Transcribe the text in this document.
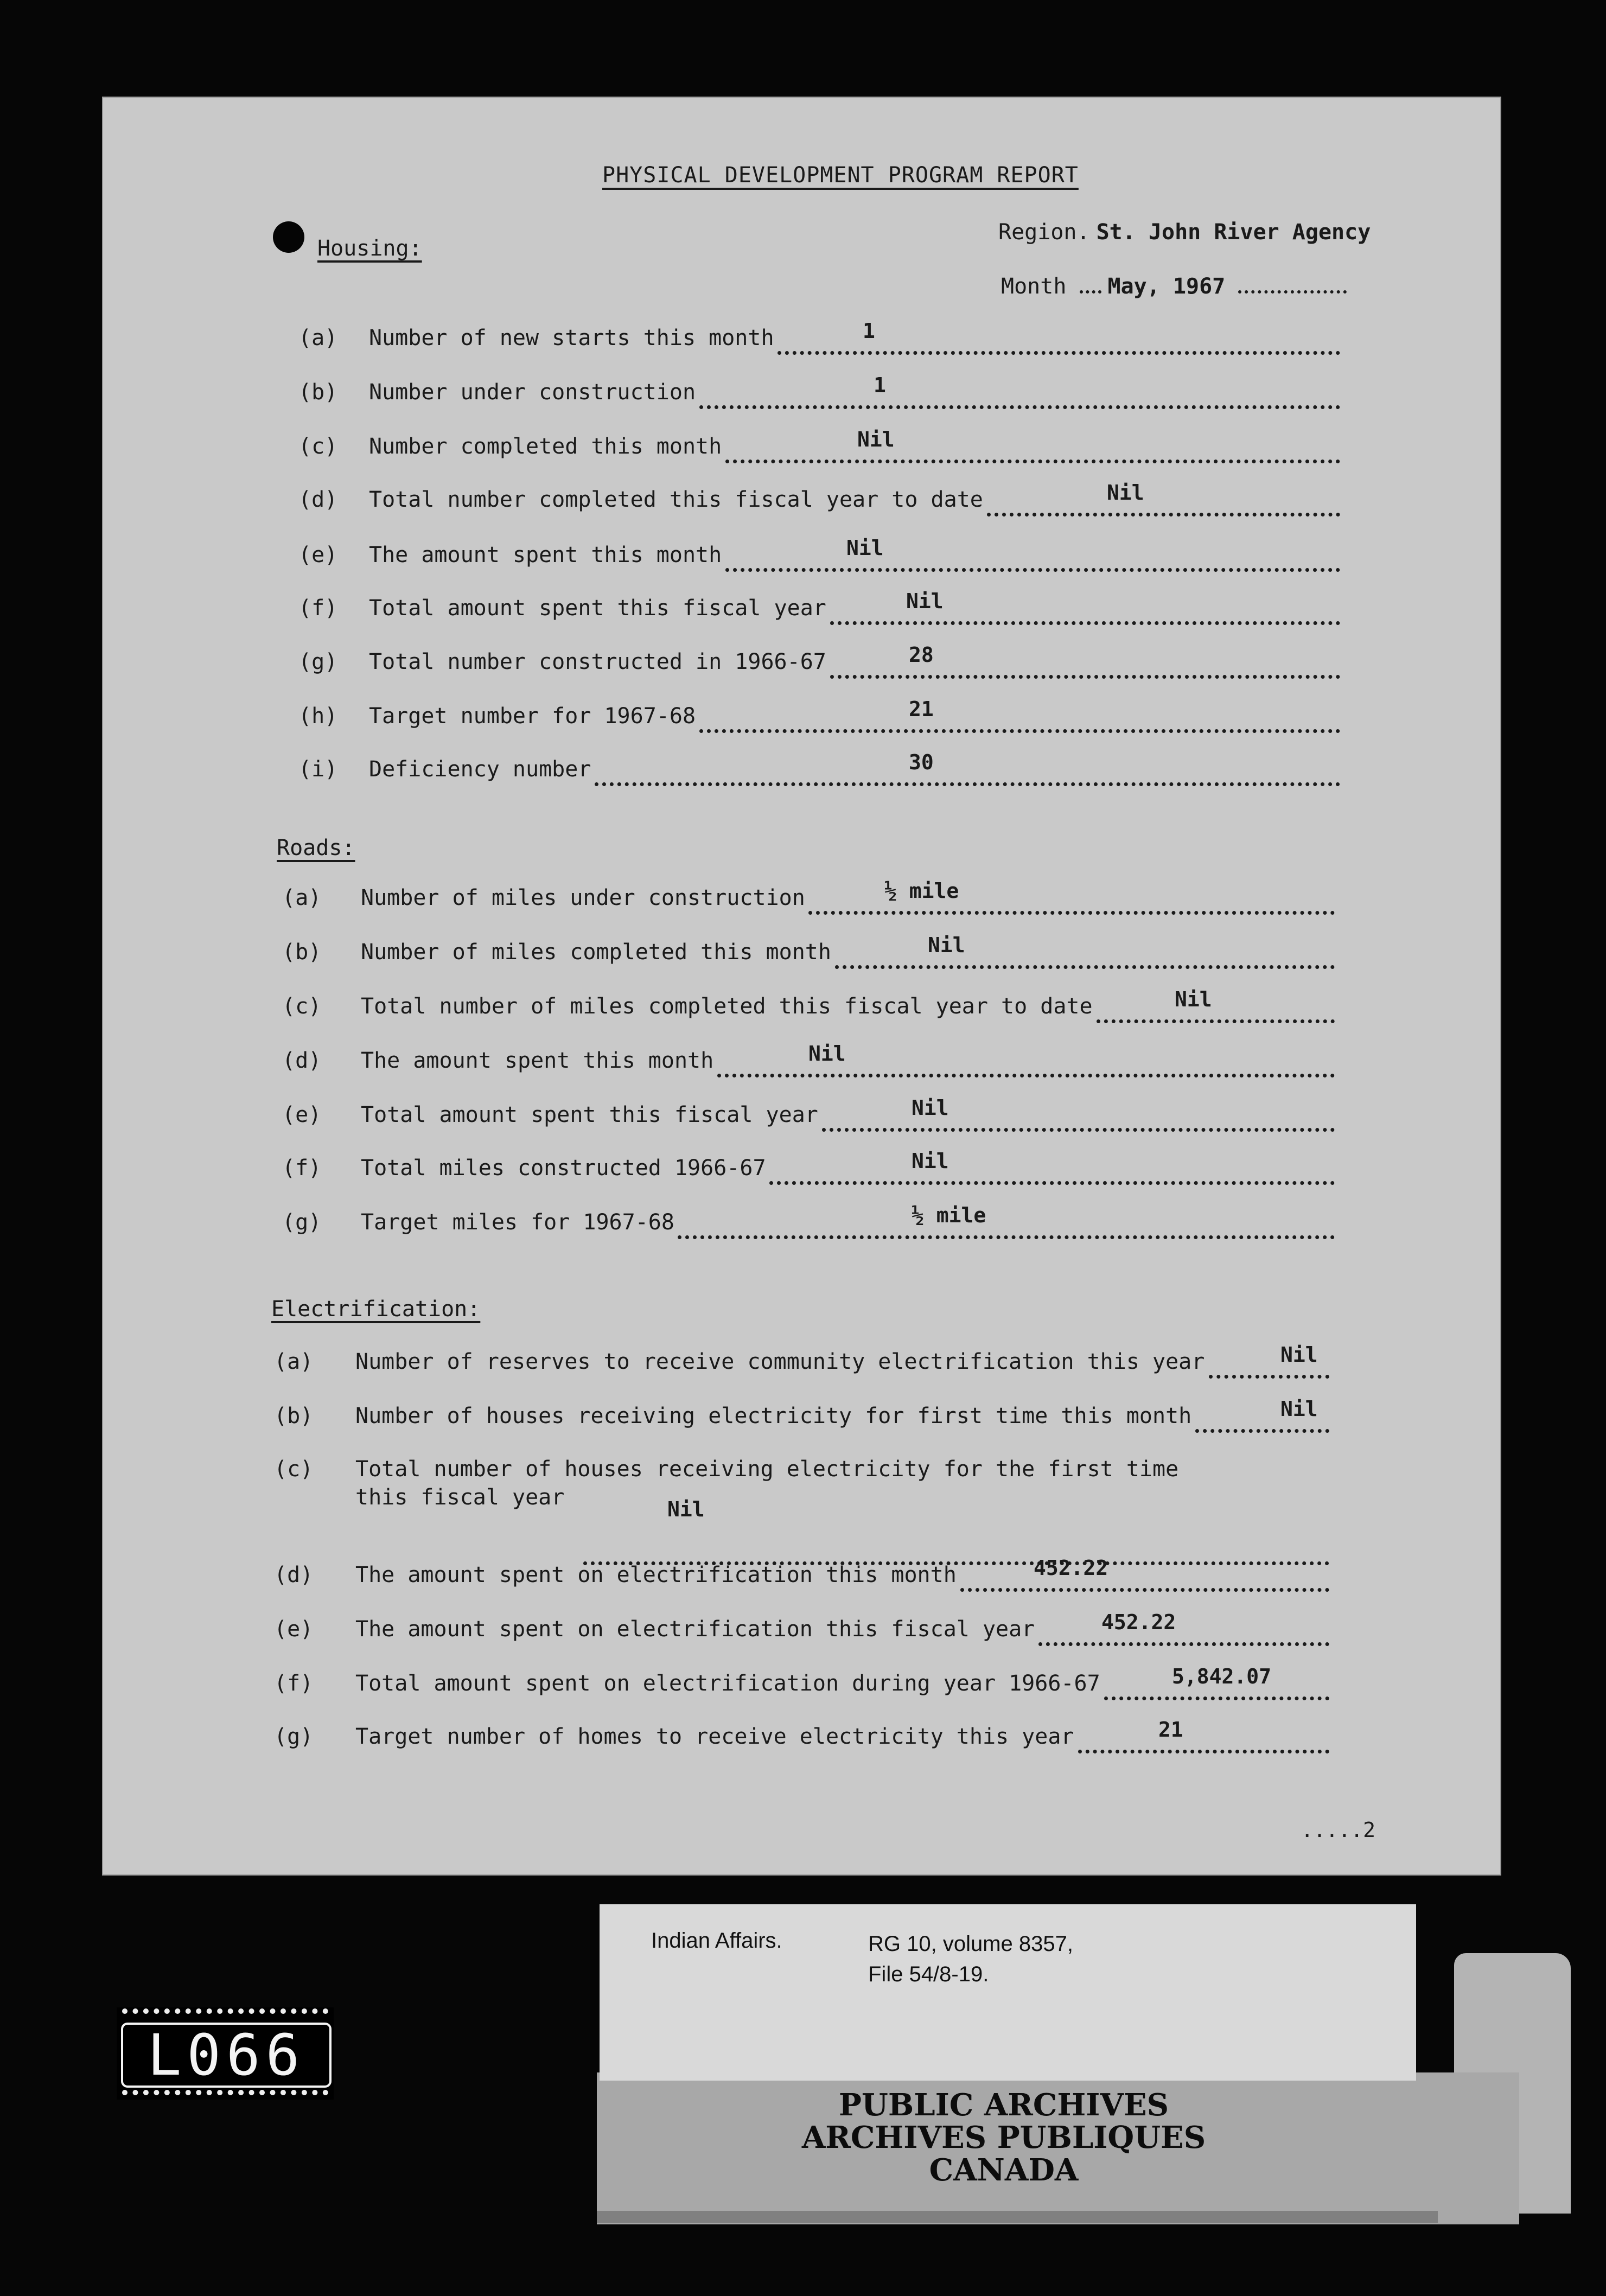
PHYSICAL DEVELOPMENT PROGRAM REPORT
Region. St. John River Agency
Month May, 1967
Housing:
(a) Number of new starts this month	1
(b) Number under construction	1
(c) Number completed this month	Nil
(d) Total number completed this fiscal year to date	Nil
(e) The amount spent this month	Nil
(f) Total amount spent this fiscal year	Nil
(g) Total number constructed in 1966-67	28
(h) Target number for 1967-68	21
(i) Deficiency number	30
Roads:
(a) Number of miles under construction	½ mile
(b) Number of miles completed this month	Nil
(c) Total number of miles completed this fiscal year to date	Nil
(d) The amount spent this month	Nil
(e) Total amount spent this fiscal year	Nil
(f) Total miles constructed 1966-67	Nil
(g) Target miles for 1967-68	½ mile
Electrification:
(a) Number of reserves to receive community electrification this year	Nil
(b) Number of houses receiving electricity for first time this month	Nil
(c) Total number of houses receiving electricity for the first time
this fiscal year	Nil
(d) The amount spent on electrification this month	452.22
(e) The amount spent on electrification this fiscal year	452.22
(f) Total amount spent on electrification during year 1966-67	5,842.07
(g) Target number of homes to receive electricity this year	21
.....2
L066
PUBLIC ARCHIVES
ARCHIVES PUBLIQUES
CANADA
Indian Affairs.	RG 10, volume 8357,
File 54/8-19.
